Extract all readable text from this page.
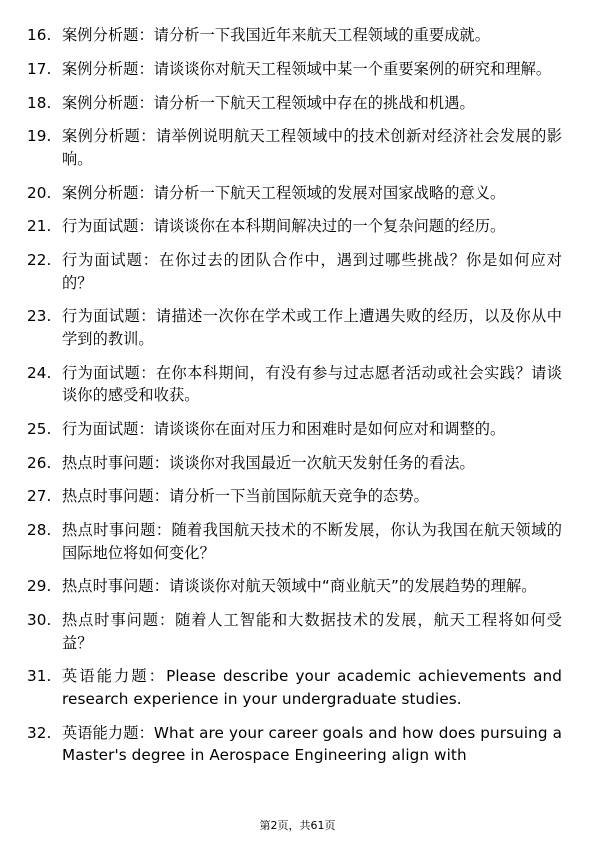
16. 案例分析题：请分析一下我国近年来航天工程领域的重要成就。
17. 案例分析题：请谈谈你对航天工程领域中某一个重要案例的研究和理解。
18. 案例分析题：请分析一下航天工程领域中存在的挑战和机遇。
19. 案例分析题：请举例说明航天工程领域中的技术创新对经济社会发展的影响。
20. 案例分析题：请分析一下航天工程领域的发展对国家战略的意义。
21. 行为面试题：请谈谈你在本科期间解决过的一个复杂问题的经历。
22. 行为面试题：在你过去的团队合作中，遇到过哪些挑战？你是如何应对的？
23. 行为面试题：请描述一次你在学术或工作上遭遇失败的经历，以及你从中学到的教训。
24. 行为面试题：在你本科期间，有没有参与过志愿者活动或社会实践？请谈谈你的感受和收获。
25. 行为面试题：请谈谈你在面对压力和困难时是如何应对和调整的。
26. 热点时事问题：谈谈你对我国最近一次航天发射任务的看法。
27. 热点时事问题：请分析一下当前国际航天竞争的态势。
28. 热点时事问题：随着我国航天技术的不断发展，你认为我国在航天领域的国际地位将如何变化？
29. 热点时事问题：请谈谈你对航天领域中“商业航天”的发展趋势的理解。
30. 热点时事问题：随着人工智能和大数据技术的发展，航天工程将如何受益？
31. 英语能力题：Please describe your academic achievements and research experience in your undergraduate studies.
32. 英语能力题：What are your career goals and how does pursuing a Master's degree in Aerospace Engineering align with
第2页，共61页
